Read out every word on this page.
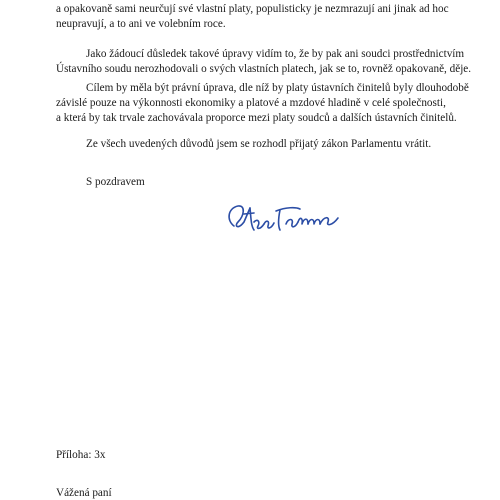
a opakovaně sami neurčují své vlastní platy, populisticky je nezmrazují ani jinak ad hoc
neupravují, a to ani ve volebním roce.
Jako žádoucí důsledek takové úpravy vidím to, že by pak ani soudci prostřednictvím
Ústavního soudu nerozhodovali o svých vlastních platech, jak se to, rovněž opakovaně, děje.
Cílem by měla být právní úprava, dle níž by platy ústavních činitelů byly dlouhodobě
závislé pouze na výkonnosti ekonomiky a platové a mzdové hladině v celé společnosti,
a která by tak trvale zachovávala proporce mezi platy soudců a dalších ústavních činitelů.

Ze všech uvedených důvodů jsem se rozhodl přijatý zákon Parlamentu vrátit.

S pozdravem

Příloha: 3x

Vážená paní
